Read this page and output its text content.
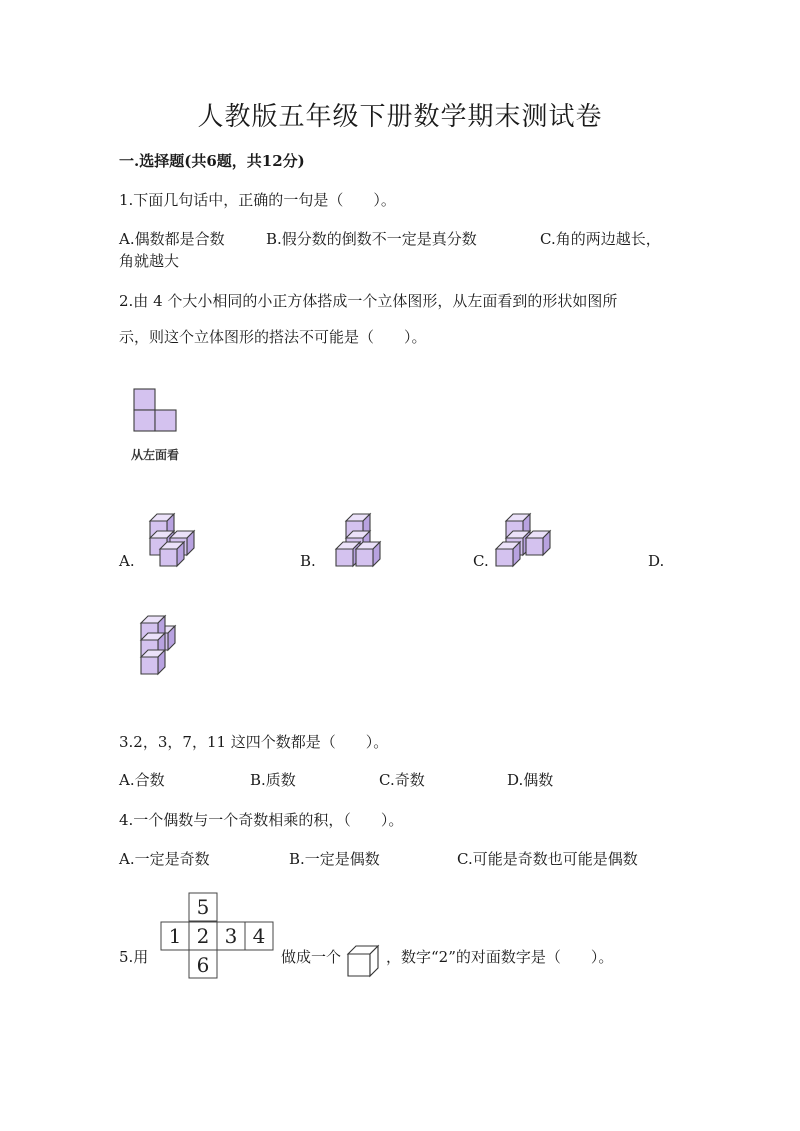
人教版五年级下册数学期末测试卷
一.选择题(共6题，共12分)
1.下面几句话中，正确的一句是（　　）。
A.偶数都是合数	B.假分数的倒数不一定是真分数	C.角的两边越长，
角就越大
2.由 4 个大小相同的小正方体搭成一个立体图形，从左面看到的形状如图所
示，则这个立体图形的搭法不可能是（　　）。
从左面看
A.	B.	C.	D.
3.2，3，7，11 这四个数都是（　　）。
A.合数	B.质数	C.奇数	D.偶数
4.一个偶数与一个奇数相乘的积，（　　）。
A.一定是奇数	B.一定是偶数	C.可能是奇数也可能是偶数
5.用
5
1 2 3 4
6	做成一个	，数字“2”的对面数字是（　　）。
